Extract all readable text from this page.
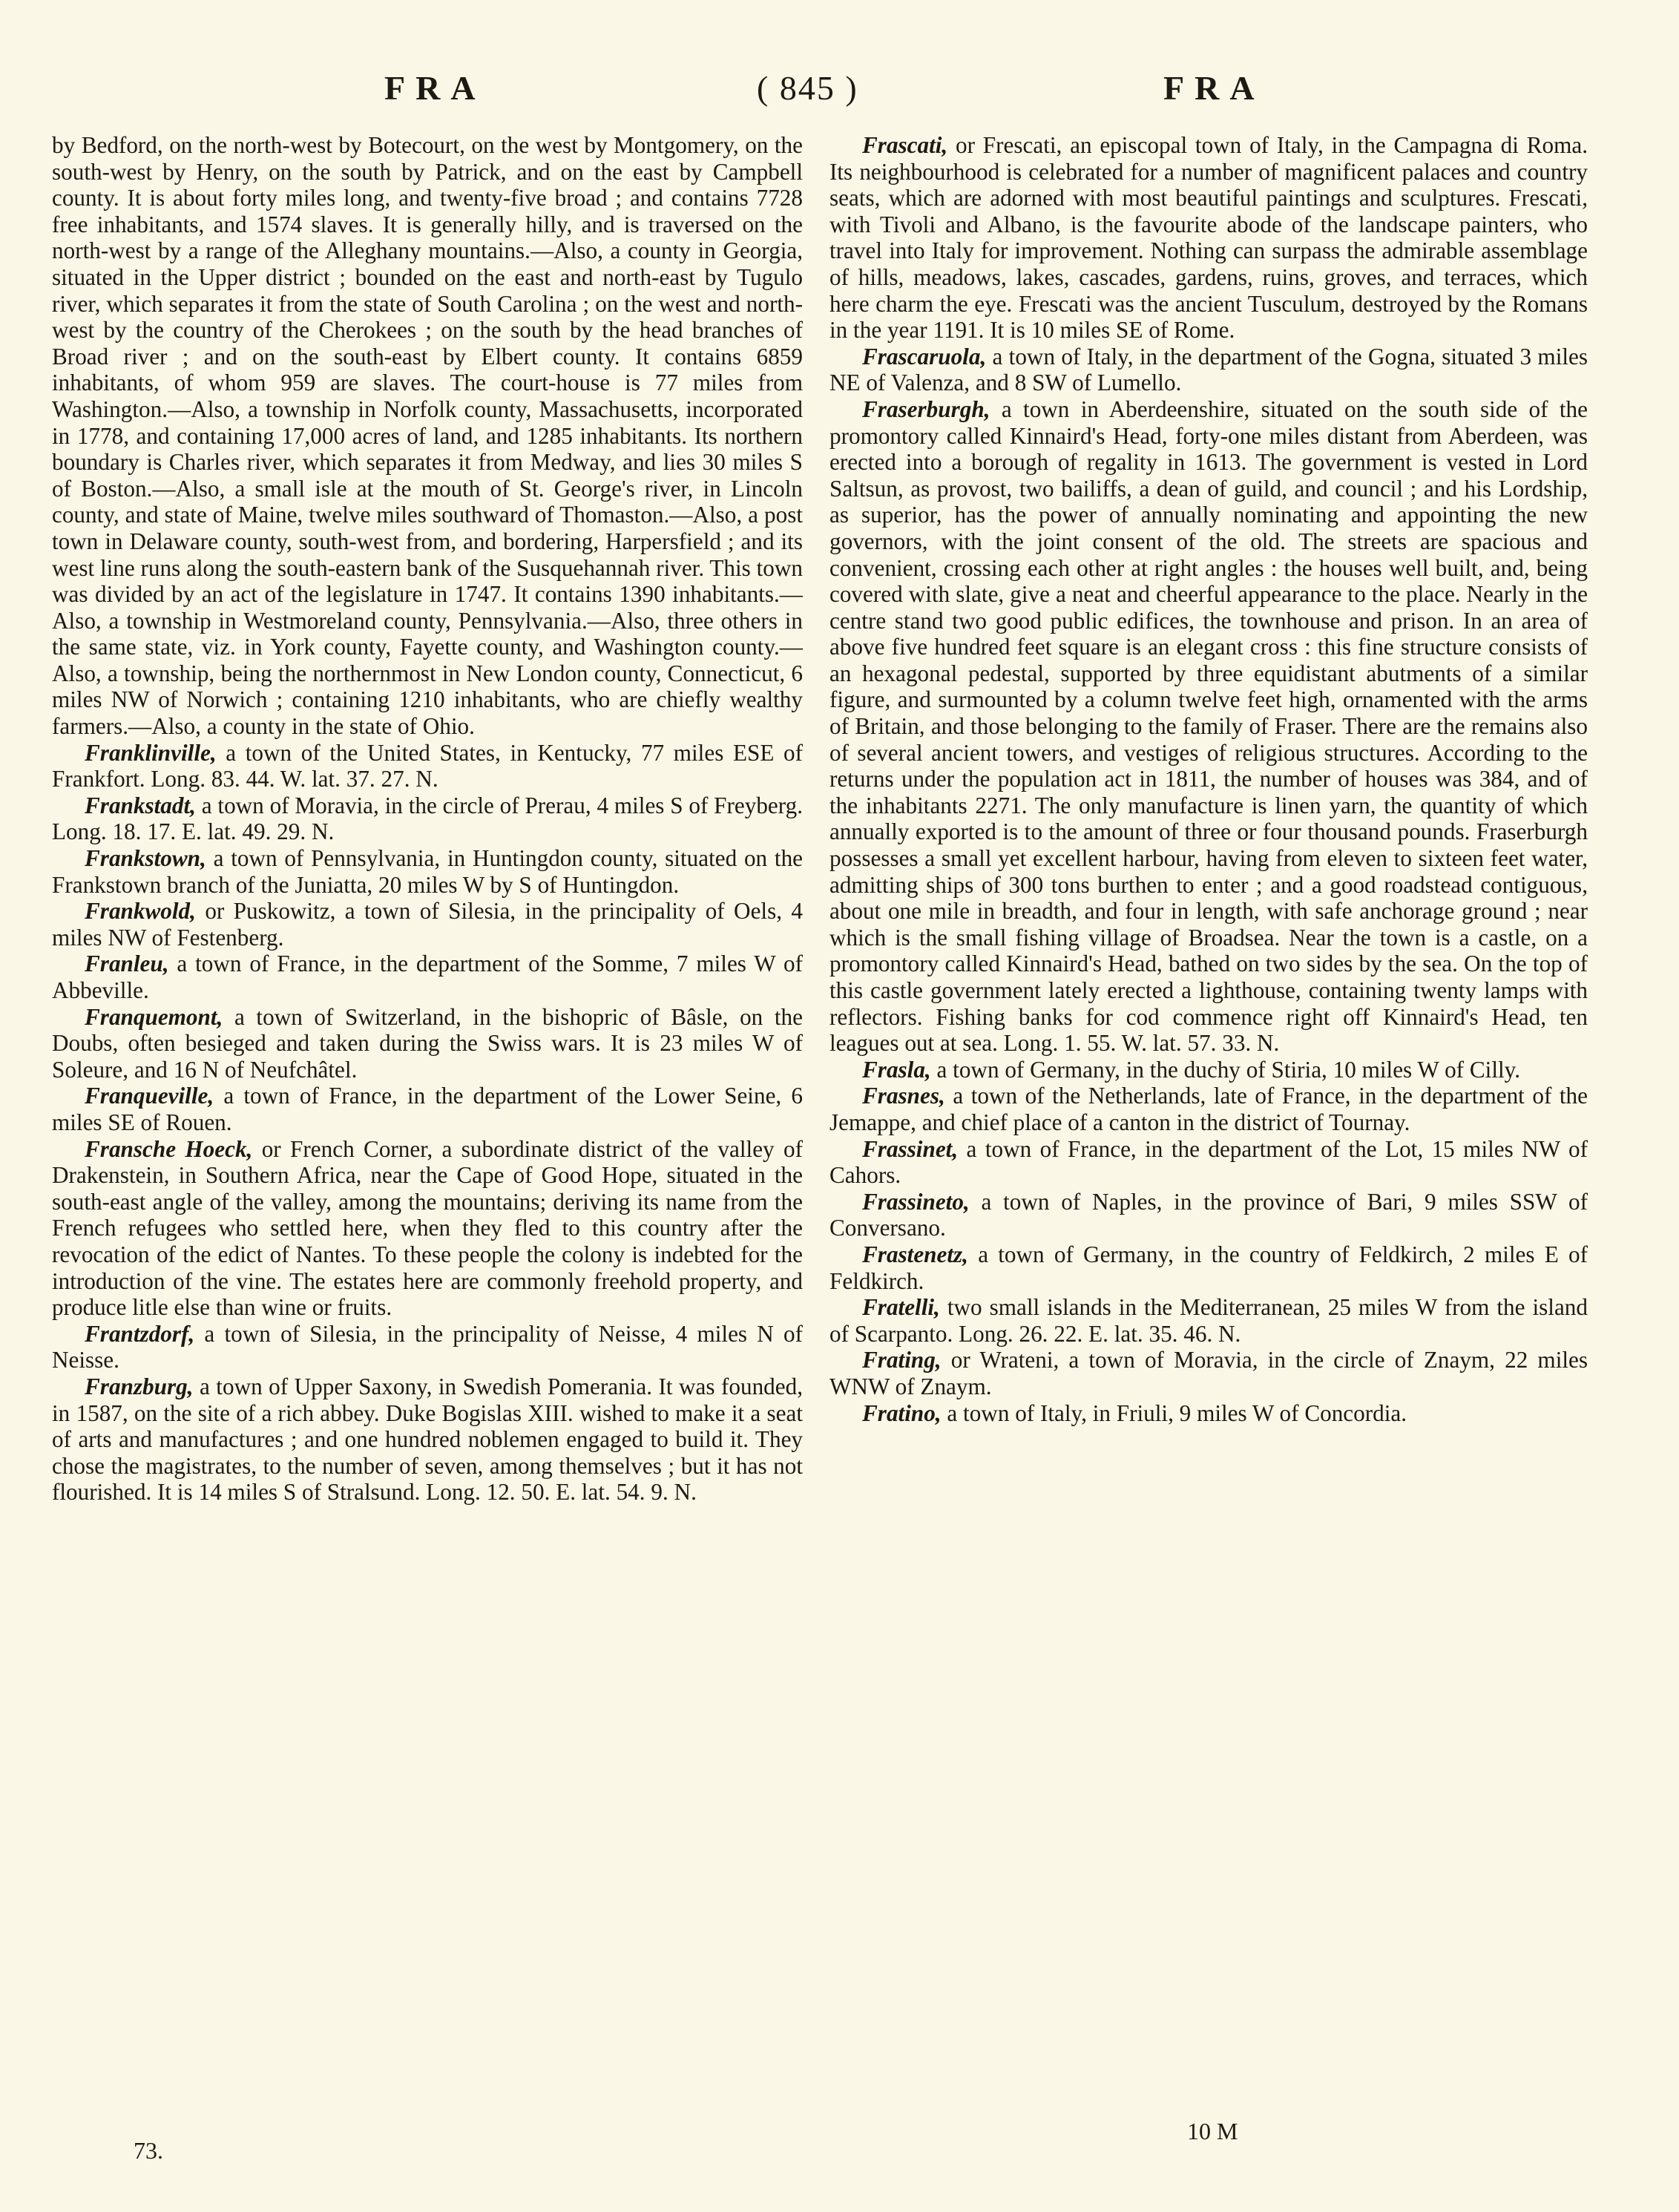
FRA	( 845 )	FRA

by Bedford, on the north-west by Botecourt, on the west by Montgomery, on the south-west by Henry, on the south by Patrick, and on the east by Campbell county. It is about forty miles long, and twenty-five broad ; and contains 7728 free inhabitants, and 1574 slaves. It is generally hilly, and is traversed on the north-west by a range of the Alleghany mountains.—Also, a county in Georgia, situated in the Upper district ; bounded on the east and north-east by Tugulo river, which separates it from the state of South Carolina ; on the west and north-west by the country of the Cherokees ; on the south by the head branches of Broad river ; and on the south-east by Elbert county. It contains 6859 inhabitants, of whom 959 are slaves. The court-house is 77 miles from Washington.—Also, a township in Norfolk county, Massachusetts, incorporated in 1778, and containing 17,000 acres of land, and 1285 inhabitants. Its northern boundary is Charles river, which separates it from Medway, and lies 30 miles S of Boston.—Also, a small isle at the mouth of St. George's river, in Lincoln county, and state of Maine, twelve miles southward of Thomaston.—Also, a post town in Delaware county, south-west from, and bordering, Harpersfield ; and its west line runs along the south-eastern bank of the Susquehannah river. This town was divided by an act of the legislature in 1747. It contains 1390 inhabitants.—Also, a township in Westmoreland county, Pennsylvania.—Also, three others in the same state, viz. in York county, Fayette county, and Washington county.—Also, a township, being the northernmost in New London county, Connecticut, 6 miles NW of Norwich ; containing 1210 inhabitants, who are chiefly wealthy farmers.—Also, a county in the state of Ohio.

Franklinville, a town of the United States, in Kentucky, 77 miles ESE of Frankfort. Long. 83. 44. W. lat. 37. 27. N.

Frankstadt, a town of Moravia, in the circle of Prerau, 4 miles S of Freyberg. Long. 18. 17. E. lat. 49. 29. N.

Frankstown, a town of Pennsylvania, in Huntingdon county, situated on the Frankstown branch of the Juniatta, 20 miles W by S of Huntingdon.

Frankwold, or Puskowitz, a town of Silesia, in the principality of Oels, 4 miles NW of Festenberg.

Franleu, a town of France, in the department of the Somme, 7 miles W of Abbeville.

Franquemont, a town of Switzerland, in the bishopric of Bâsle, on the Doubs, often besieged and taken during the Swiss wars. It is 23 miles W of Soleure, and 16 N of Neufchâtel.

Franqueville, a town of France, in the department of the Lower Seine, 6 miles SE of Rouen.

Fransche Hoeck, or French Corner, a subordinate district of the valley of Drakenstein, in Southern Africa, near the Cape of Good Hope, situated in the south-east angle of the valley, among the mountains; deriving its name from the French refugees who settled here, when they fled to this country after the revocation of the edict of Nantes. To these people the colony is indebted for the introduction of the vine. The estates here are commonly freehold property, and produce litle else than wine or fruits.

Frantzdorf, a town of Silesia, in the principality of Neisse, 4 miles N of Neisse.

Franzburg, a town of Upper Saxony, in Swedish Pomerania. It was founded, in 1587, on the site of a rich abbey. Duke Bogislas XIII. wished to make it a seat of arts and manufactures ; and one hundred noblemen engaged to build it. They chose the magistrates, to the number of seven, among themselves ; but it has not flourished. It is 14 miles S of Stralsund. Long. 12. 50. E. lat. 54. 9. N.

Frascati, or Frescati, an episcopal town of Italy, in the Campagna di Roma. Its neighbourhood is celebrated for a number of magnificent palaces and country seats, which are adorned with most beautiful paintings and sculptures. Frescati, with Tivoli and Albano, is the favourite abode of the landscape painters, who travel into Italy for improvement. Nothing can surpass the admirable assemblage of hills, meadows, lakes, cascades, gardens, ruins, groves, and terraces, which here charm the eye. Frescati was the ancient Tusculum, destroyed by the Romans in the year 1191. It is 10 miles SE of Rome.

Frascaruola, a town of Italy, in the department of the Gogna, situated 3 miles NE of Valenza, and 8 SW of Lumello.

Fraserburgh, a town in Aberdeenshire, situated on the south side of the promontory called Kinnaird's Head, forty-one miles distant from Aberdeen, was erected into a borough of regality in 1613. The government is vested in Lord Saltsun, as provost, two bailiffs, a dean of guild, and council ; and his Lordship, as superior, has the power of annually nominating and appointing the new governors, with the joint consent of the old. The streets are spacious and convenient, crossing each other at right angles : the houses well built, and, being covered with slate, give a neat and cheerful appearance to the place. Nearly in the centre stand two good public edifices, the townhouse and prison. In an area of above five hundred feet square is an elegant cross : this fine structure consists of an hexagonal pedestal, supported by three equidistant abutments of a similar figure, and surmounted by a column twelve feet high, ornamented with the arms of Britain, and those belonging to the family of Fraser. There are the remains also of several ancient towers, and vestiges of religious structures. According to the returns under the population act in 1811, the number of houses was 384, and of the inhabitants 2271. The only manufacture is linen yarn, the quantity of which annually exported is to the amount of three or four thousand pounds. Fraserburgh possesses a small yet excellent harbour, having from eleven to sixteen feet water, admitting ships of 300 tons burthen to enter ; and a good roadstead contiguous, about one mile in breadth, and four in length, with safe anchorage ground ; near which is the small fishing village of Broadsea. Near the town is a castle, on a promontory called Kinnaird's Head, bathed on two sides by the sea. On the top of this castle government lately erected a lighthouse, containing twenty lamps with reflectors. Fishing banks for cod commence right off Kinnaird's Head, ten leagues out at sea. Long. 1. 55. W. lat. 57. 33. N.

Frasla, a town of Germany, in the duchy of Stiria, 10 miles W of Cilly.

Frasnes, a town of the Netherlands, late of France, in the department of the Jemappe, and chief place of a canton in the district of Tournay.

Frassinet, a town of France, in the department of the Lot, 15 miles NW of Cahors.

Frassineto, a town of Naples, in the province of Bari, 9 miles SSW of Conversano.

Frastenetz, a town of Germany, in the country of Feldkirch, 2 miles E of Feldkirch.

Fratelli, two small islands in the Mediterranean, 25 miles W from the island of Scarpanto. Long. 26. 22. E. lat. 35. 46. N.

Frating, or Wrateni, a town of Moravia, in the circle of Znaym, 22 miles WNW of Znaym.

Fratino, a town of Italy, in Friuli, 9 miles W of Concordia.

73.
10 M
